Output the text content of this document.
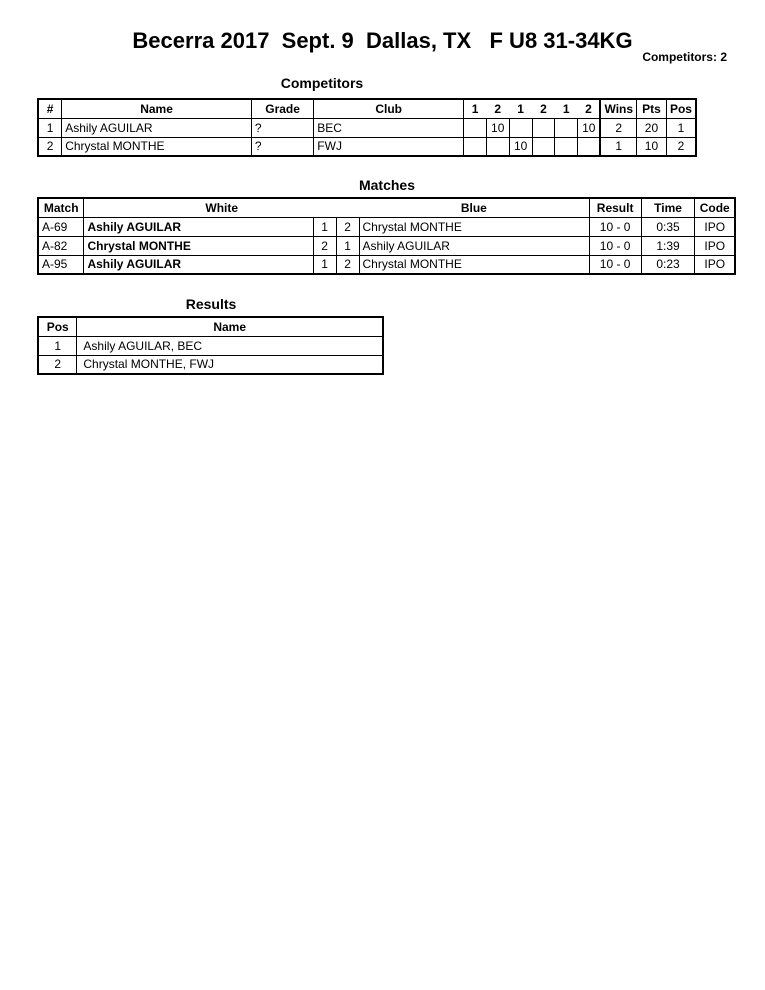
Becerra 2017  Sept. 9  Dallas, TX   F U8 31-34KG
Competitors: 2
Competitors
#	Name	Grade	Club	1	2	1	2	1	2	Wins	Pts	Pos
1	Ashily AGUILAR	?	BEC		10				10	2	20	1
2	Chrystal MONTHE	?	FWJ			10				1	10	2
Matches
Match	White			Blue	Result	Time	Code
A-69	Ashily AGUILAR	1	2	Chrystal MONTHE	10 - 0	0:35	IPO
A-82	Chrystal MONTHE	2	1	Ashily AGUILAR	10 - 0	1:39	IPO
A-95	Ashily AGUILAR	1	2	Chrystal MONTHE	10 - 0	0:23	IPO
Results
Pos	Name
1	Ashily AGUILAR, BEC
2	Chrystal MONTHE, FWJ
